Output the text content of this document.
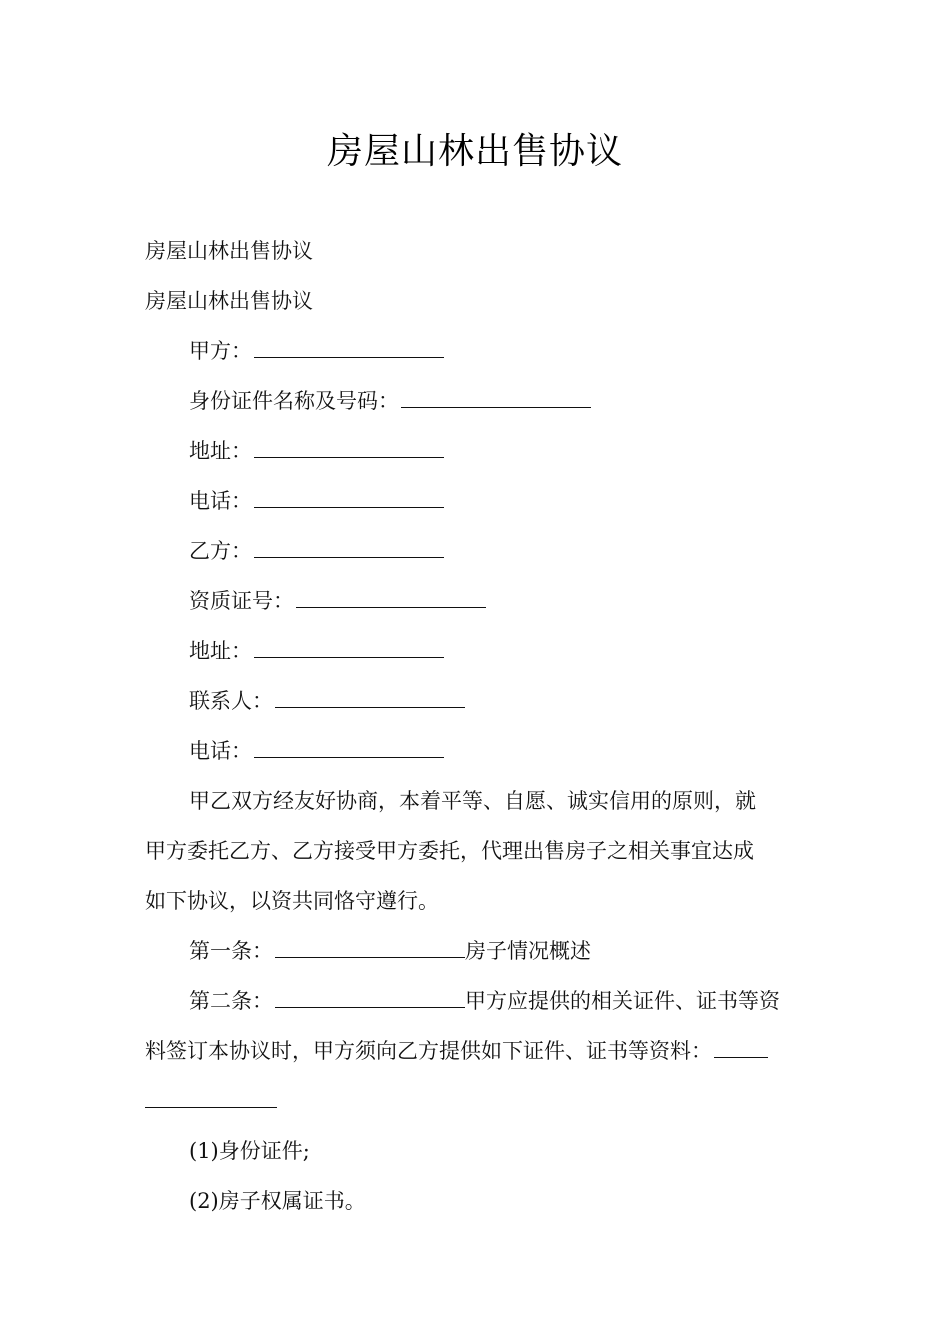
房屋山林出售协议
房屋山林出售协议
房屋山林出售协议
甲方：
身份证件名称及号码：
地址：
电话：
乙方：
资质证号：
地址：
联系人：
电话：
甲乙双方经友好协商，本着平等、自愿、诚实信用的原则，就
甲方委托乙方、乙方接受甲方委托，代理出售房子之相关事宜达成
如下协议，以资共同恪守遵行。
第一条：	房子情况概述
第二条：	甲方应提供的相关证件、证书等资
料签订本协议时，甲方须向乙方提供如下证件、证书等资料：
(1)身份证件;
(2)房子权属证书。
